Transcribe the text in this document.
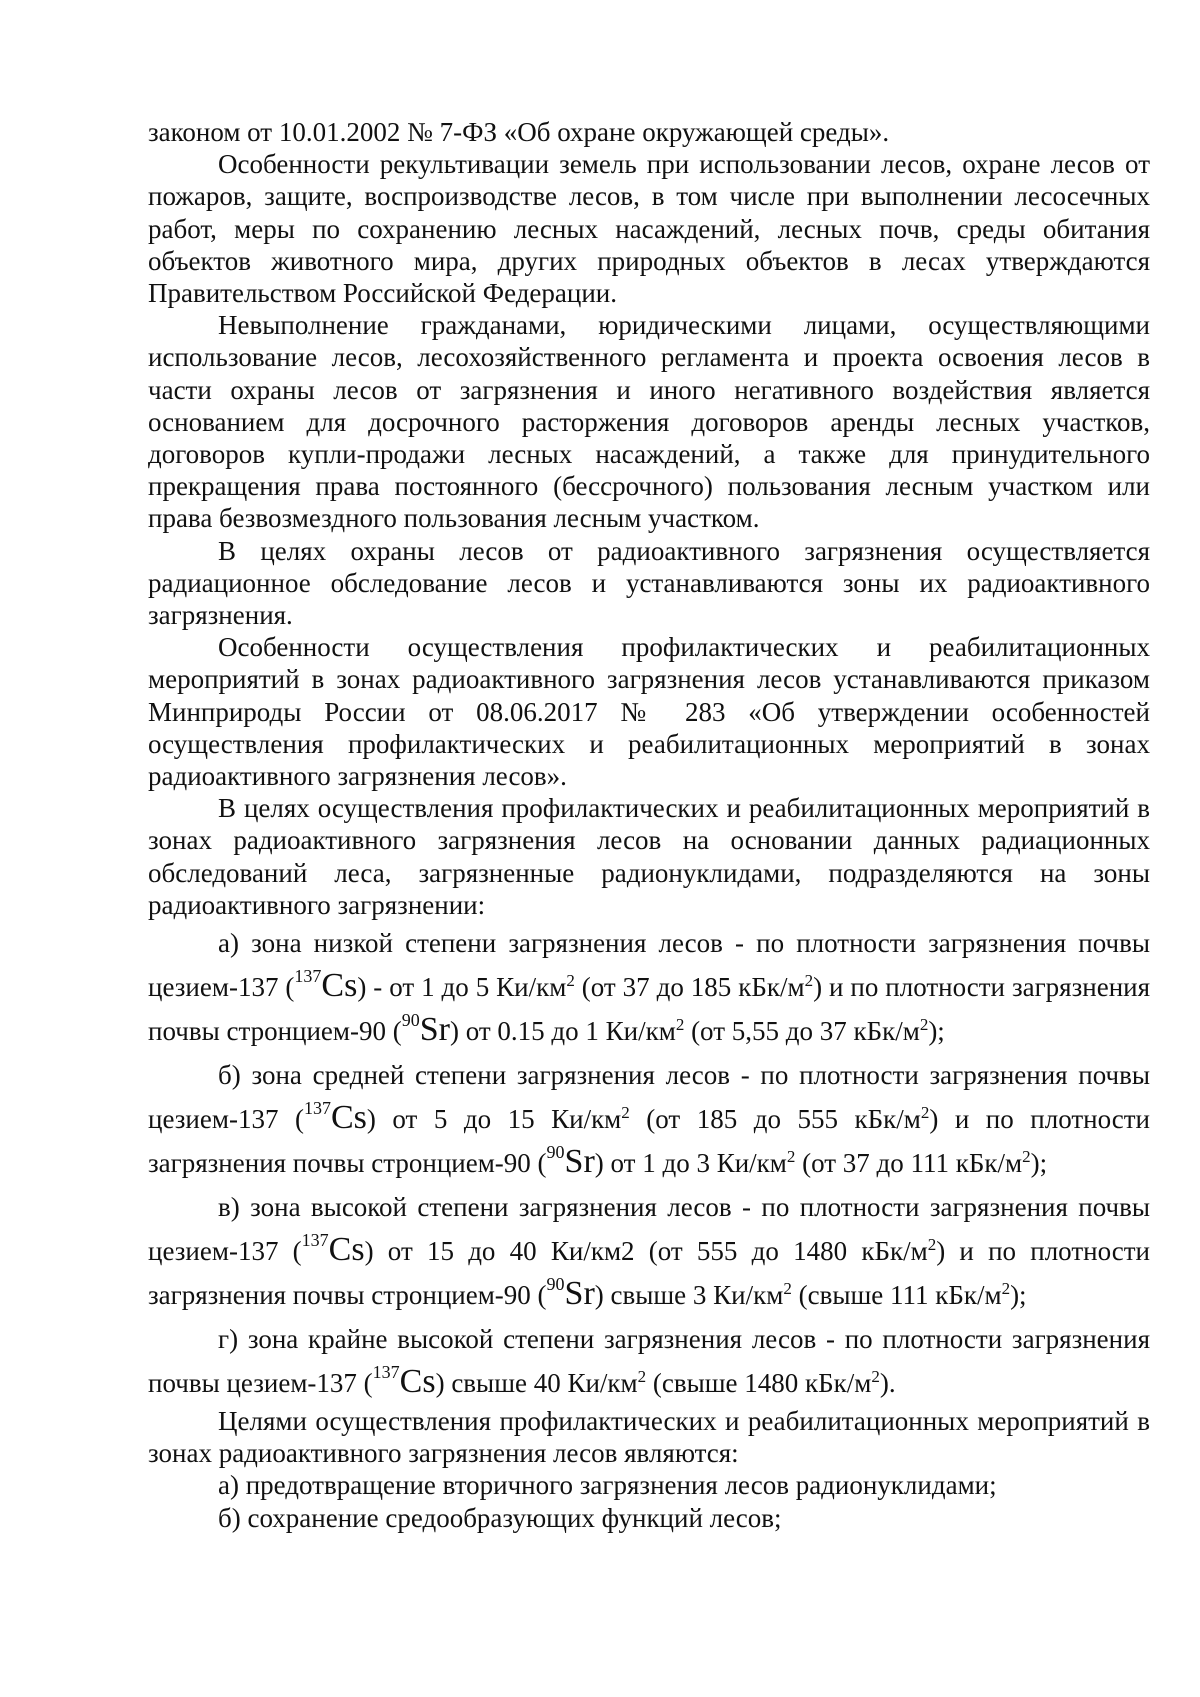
законом от 10.01.2002 № 7-ФЗ «Об охране окружающей среды».

Особенности рекультивации земель при использовании лесов, охране лесов от пожаров, защите, воспроизводстве лесов, в том числе при выполнении лесосечных работ, меры по сохранению лесных насаждений, лесных почв, среды обитания объектов животного мира, других природных объектов в лесах утверждаются Правительством Российской Федерации.

Невыполнение гражданами, юридическими лицами, осуществляющими использование лесов, лесохозяйственного регламента и проекта освоения лесов в части охраны лесов от загрязнения и иного негативного воздействия является основанием для досрочного расторжения договоров аренды лесных участков, договоров купли-продажи лесных насаждений, а также для принудительного прекращения права постоянного (бессрочного) пользования лесным участком или права безвозмездного пользования лесным участком.

В целях охраны лесов от радиоактивного загрязнения осуществляется радиационное обследование лесов и устанавливаются зоны их радиоактивного загрязнения.

Особенности осуществления профилактических и реабилитационных мероприятий в зонах радиоактивного загрязнения лесов устанавливаются приказом Минприроды России от 08.06.2017 № 283 «Об утверждении особенностей осуществления профилактических и реабилитационных мероприятий в зонах радиоактивного загрязнения лесов».

В целях осуществления профилактических и реабилитационных мероприятий в зонах радиоактивного загрязнения лесов на основании данных радиационных обследований леса, загрязненные радионуклидами, подразделяются на зоны радиоактивного загрязнении:

а) зона низкой степени загрязнения лесов - по плотности загрязнения почвы цезием-137 ($^{137}$Cs) - от 1 до 5 $Ки/км^2$ (от 37 до 185 кБк/$м^2$) и по плотности загрязнения почвы стронцием-90 ($^{90}$Sr) от 0.15 до 1 $Ки/км^2$ (от 5,55 до 37 кБк/$м^2$);

б) зона средней степени загрязнения лесов - по плотности загрязнения почвы цезием-137 ($^{137}$Cs) от 5 до 15 $Ки/км^2$ (от 185 до 555 кБк/$м^2$) и по плотности загрязнения почвы стронцием-90 ($^{90}$Sr) от 1 до 3 $Ки/км^2$ (от 37 до 111 кБк/$м^2$);

в) зона высокой степени загрязнения лесов - по плотности загрязнения почвы цезием-137 ($^{137}$Cs) от 15 до 40 Ки/км2 (от 555 до 1480 кБк/$м^2$) и по плотности загрязнения почвы стронцием-90 ($^{90}$Sr) свыше 3 $Ки/км^2$ (свыше 111 кБк/$м^2$);

г) зона крайне высокой степени загрязнения лесов - по плотности загрязнения почвы цезием-137 ($^{137}$Cs) свыше 40 $Ки/км^2$ (свыше 1480 кБк/$м^2$).

Целями осуществления профилактических и реабилитационных мероприятий в зонах радиоактивного загрязнения лесов являются:

а) предотвращение вторичного загрязнения лесов радионуклидами;

б) сохранение средообразующих функций лесов;
